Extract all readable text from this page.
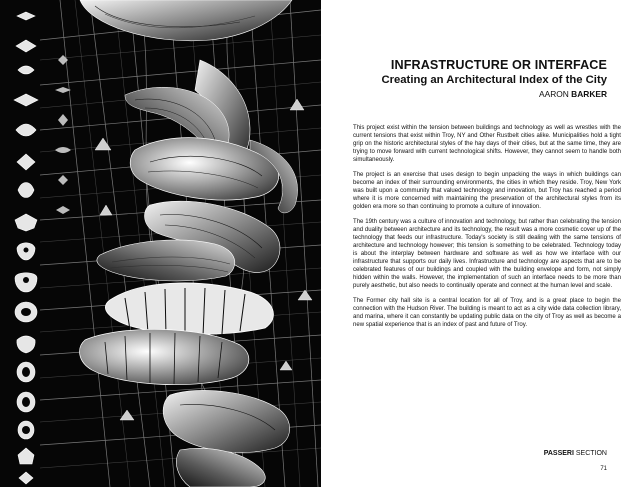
INFRASTRUCTURE OR INTERFACE
Creating an Architectural Index of the City
AARON BARKER

This project exist within the tension between buildings and technology as well as wrestles with the current tensions that exist within Troy, NY and Other Rustbelt cities alike. Municipalities hold a tight grip on the historic architectural styles of the hay days of their cities, but at the same time, they are trying to move forward with current technological shifts. However, they cannot seem to handle both simultaneously.

The project is an exercise that uses design to begin unpacking the ways in which buildings can become an index of their surrounding environments, the cities in which they reside. Troy, New York was built upon a community that valued technology and innovation, but Troy has reached a period where it is more concerned with maintaining the preservation of the architectural styles from its golden era more so than continuing to promote a culture of innovation.

The 19th century was a culture of innovation and technology, but rather than celebrating the tension and duality between architecture and its technology, the result was a more cosmetic cover up of the technology that feeds our infrastructure. Today's society is still dealing with the same tensions of architecture and technology however; this tension is something to be celebrated. Technology today is about the interplay between hardware and software as well as how we interface with our infrastructure that supports our daily lives. Infrastructure and technology are aspects that are to be celebrated features of our buildings and coupled with the building envelope and form, not simply hidden within the walls. However, the implementation of such an interface needs to be more than purely aesthetic, but also needs to continually operate and connect at the human level and scale.

The Former city hall site is a central location for all of Troy, and is a great place to begin the connection with the Hudson River. The building is meant to act as a city wide data collection library, and marina, where it can constantly be updating public data on the city of Troy as well as become a new spatial experience that is an index of past and future of Troy.

PASSERI SECTION
71
